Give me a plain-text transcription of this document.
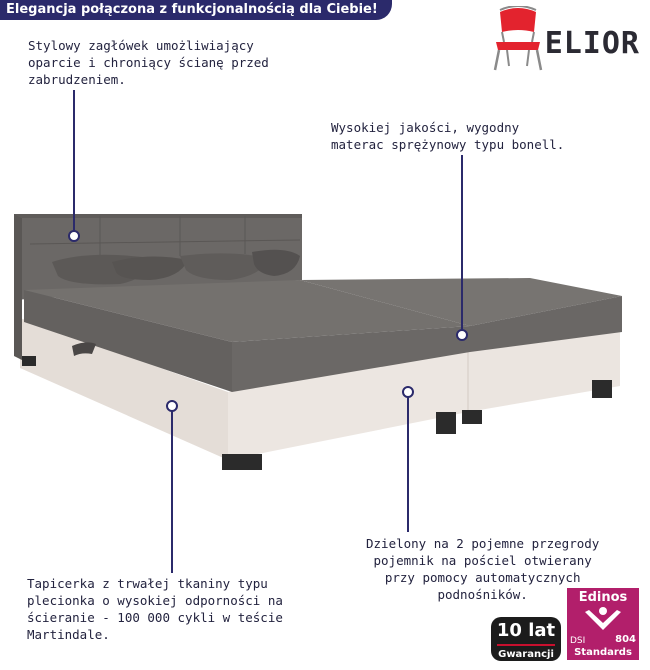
Elegancja połączona z funkcjonalnością dla Ciebie!
ELIOR
Stylowy zagłówek umożliwiający
oparcie i chroniący ścianę przed
zabrudzeniem.
Wysokiej jakości, wygodny
materac sprężynowy typu bonell.
Dzielony na 2 pojemne przegrody
pojemnik na pościel otwierany
przy pomocy automatycznych
podnośników.
Tapicerka z trwałej tkaniny typu
plecionka o wysokiej odporności na
ścieranie - 100 000 cykli w teście
Martindale.	10 lat
Gwarancji
Edinos
DSI	804
Standards
